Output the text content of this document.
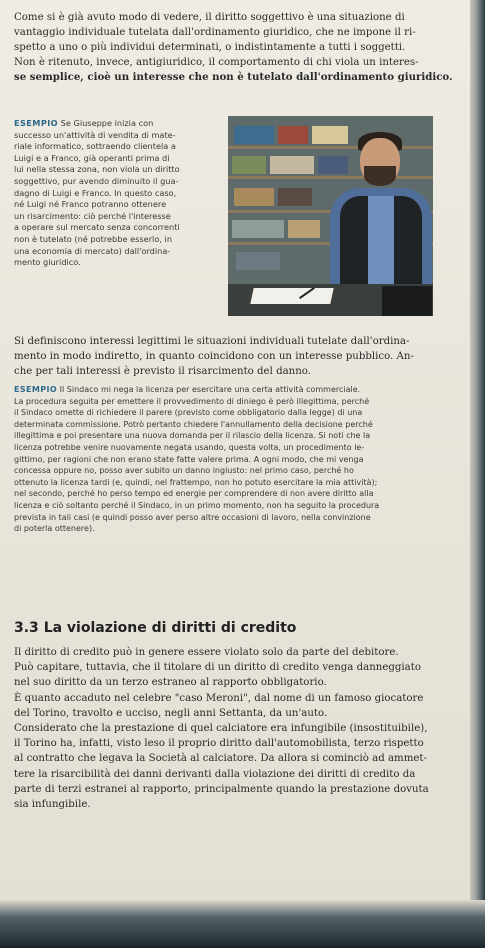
Come si è già avuto modo di vedere, il diritto soggettivo è una situazione di
vantaggio individuale tutelata dall'ordinamento giuridico, che ne impone il ri-
spetto a uno o più individui determinati, o indistintamente a tutti i soggetti.
Non è ritenuto, invece, antigiuridico, il comportamento di chi viola un interes-
se semplice, cioè un interesse che non è tutelato dall'ordinamento giuridico.
ESEMPIO Se Giuseppe inizia con
successo un'attività di vendita di mate-
riale informatico, sottraendo clientela a
Luigi e a Franco, già operanti prima di
lui nella stessa zona, non viola un diritto
soggettivo, pur avendo diminuito il gua-
dagno di Luigi e Franco. In questo caso,
né Luigi né Franco potranno ottenere
un risarcimento: ciò perché l'interesse
a operare sul mercato senza concorrenti
non è tutelato (né potrebbe esserlo, in
una economia di mercato) dall'ordina-
mento giuridico.
Si definiscono interessi legittimi le situazioni individuali tutelate dall'ordina-
mento in modo indiretto, in quanto coincidono con un interesse pubblico. An-
che per tali interessi è previsto il risarcimento del danno.
ESEMPIO Il Sindaco mi nega la licenza per esercitare una certa attività commerciale.
La procedura seguita per emettere il provvedimento di diniego è però illegittima, perché
il Sindaco omette di richiedere il parere (previsto come obbligatorio dalla legge) di una
determinata commissione. Potrò pertanto chiedere l'annullamento della decisione perché
illegittima e poi presentare una nuova domanda per il rilascio della licenza. Si noti che la
licenza potrebbe venire nuovamente negata usando, questa volta, un procedimento le-
gittimo, per ragioni che non erano state fatte valere prima. A ogni modo, che mi venga
concessa oppure no, posso aver subito un danno ingiusto: nel primo caso, perché ho
ottenuto la licenza tardi (e, quindi, nel frattempo, non ho potuto esercitare la mia attività);
nel secondo, perché ho perso tempo ed energie per comprendere di non avere diritto alla
licenza e ciò soltanto perché il Sindaco, in un primo momento, non ha seguito la procedura
prevista in tali casi (e quindi posso aver perso altre occasioni di lavoro, nella convinzione
di poterla ottenere).
3.3 La violazione di diritti di credito
Il diritto di credito può in genere essere violato solo da parte del debitore.
Può capitare, tuttavia, che il titolare di un diritto di credito venga danneggiato
nel suo diritto da un terzo estraneo al rapporto obbligatorio.
È quanto accaduto nel celebre "caso Meroni", dal nome di un famoso giocatore
del Torino, travolto e ucciso, negli anni Settanta, da un'auto.
Considerato che la prestazione di quel calciatore era infungibile (insostituibile),
il Torino ha, infatti, visto leso il proprio diritto dall'automobilista, terzo rispetto
al contratto che legava la Società al calciatore. Da allora si cominciò ad ammet-
tere la risarcibilità dei danni derivanti dalla violazione dei diritti di credito da
parte di terzi estranei al rapporto, principalmente quando la prestazione dovuta
sia infungibile.
